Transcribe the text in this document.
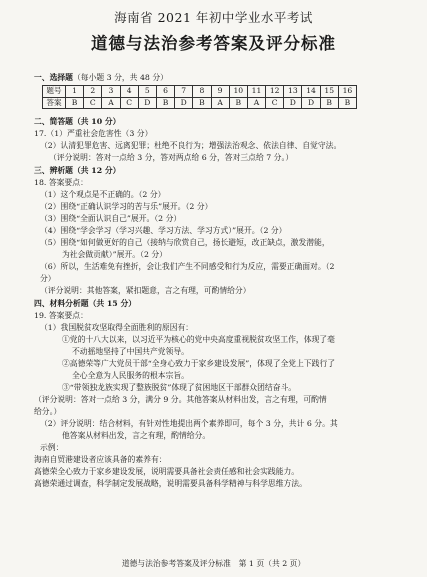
海南省 2021 年初中学业水平考试
道德与法治参考答案及评分标准
一、选择题（每小题 3 分，共 48 分）
题号	1	2	3	4	5	6	7	8	9	10	11	12	13	14	15	16
答案	B	C	A	C	D	B	D	B	A	B	A	C	D	D	B	B
二、简答题（共 10 分）
17.（1）严重社会危害性（3 分）
（2）认清犯罪危害、远离犯罪；杜绝不良行为；增强法治观念、依法自律、自觉守法。
（评分说明：答对一点给 3 分，答对两点给 6 分，答对三点给 7 分。）
三、辨析题（共 12 分）
18. 答案要点：
（1）这个观点是不正确的。（2 分）
（2）围绕“正确认识学习的苦与乐”展开。（2 分）
（3）围绕“全面认识自己”展开。（2 分）
（4）围绕“学会学习（学习兴趣、学习方法、学习方式）”展开。（2 分）
（5）围绕“如何做更好的自己（接纳与欣赏自己，扬长避短，改正缺点，激发潜能，
为社会做贡献）”展开。（2 分）
（6）所以，生活难免有挫折，会让我们产生不同感受和行为反应，需要正确面对。（2
分）
（评分说明：其他答案，紧扣题意，言之有理，可酌情给分）
四、材料分析题（共 15 分）
19. 答案要点：
（1）我国脱贫攻坚取得全面胜利的原因有：
①党的十八大以来，以习近平为核心的党中央高度重视脱贫攻坚工作，体现了毫
不动摇地坚持了中国共产党领导。
②高德荣等广大党员干部“全身心致力于家乡建设发展”，体现了全党上下践行了
全心全意为人民服务的根本宗旨。
③“带领独龙族实现了整族脱贫”体现了贫困地区干部群众团结奋斗。
（评分说明：答对一点给 3 分，满分 9 分。其他答案从材料出发，言之有理，可酌情
给分。）
（2）评分说明：结合材料，有针对性地提出两个素养即可，每个 3 分，共计 6 分。其
他答案从材料出发，言之有理，酌情给分。
示例：
海南自贸港建设者应该具备的素养有：
高德荣全心致力于家乡建设发展，说明需要具备社会责任感和社会实践能力。
高德荣通过调查，科学制定发展战略，说明需要具备科学精神与科学思维方法。
道德与法治参考答案及评分标准　第 1 页（共 2 页）
